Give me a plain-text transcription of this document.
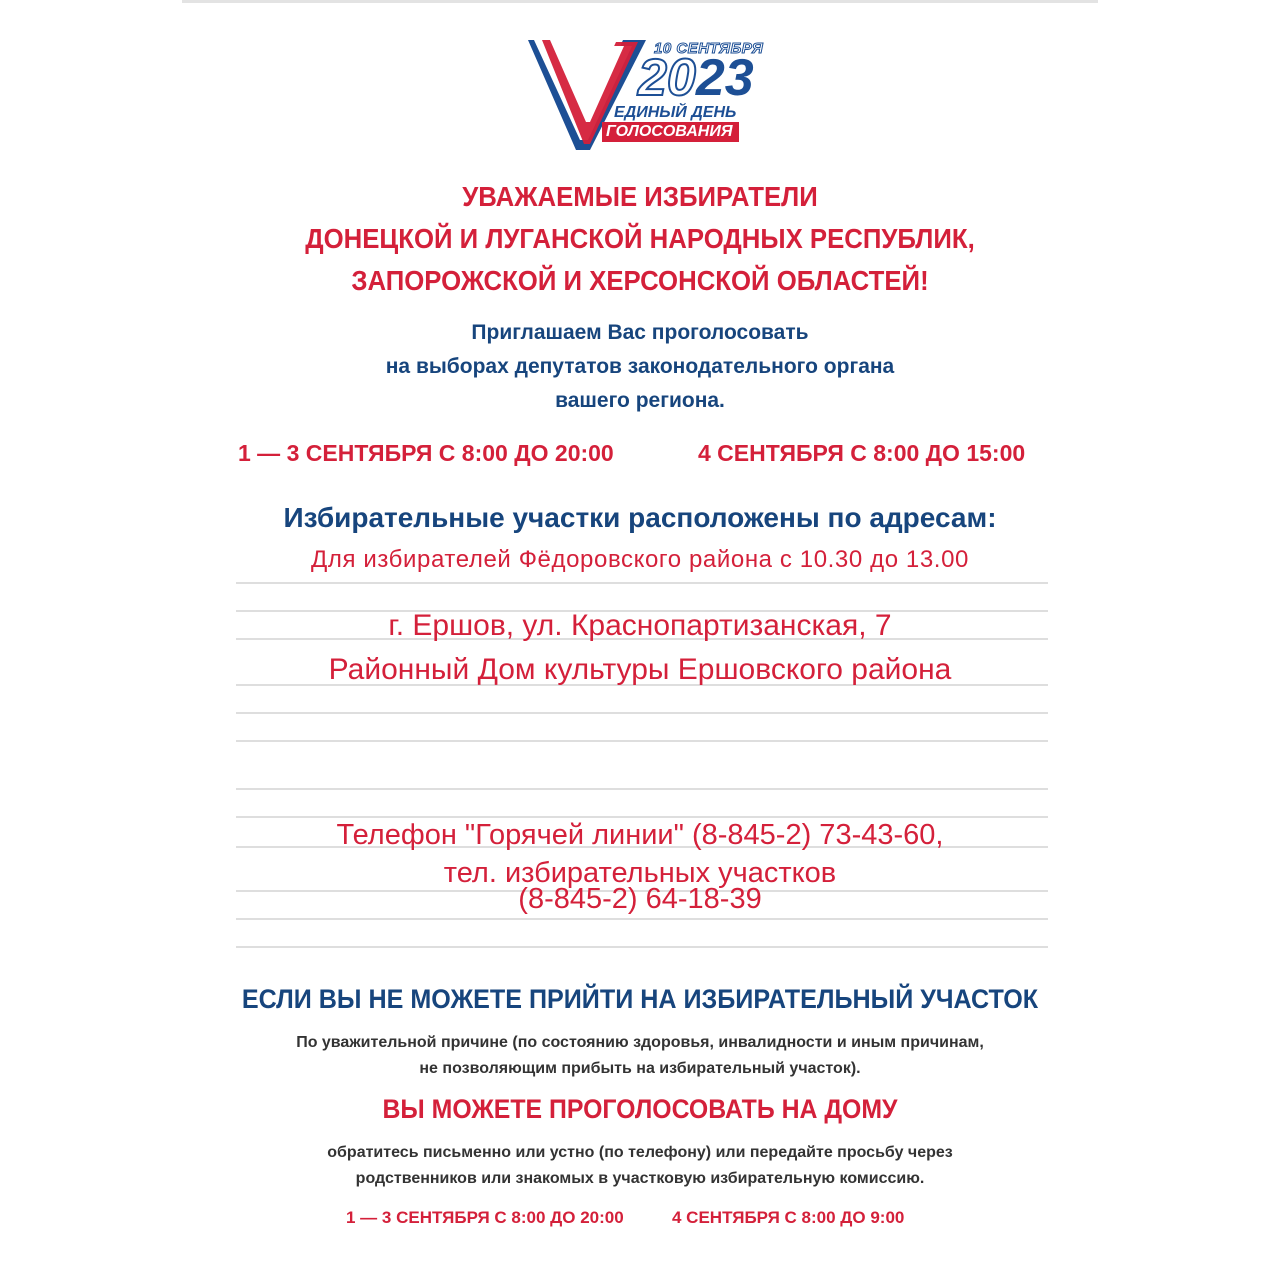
10 СЕНТЯБРЯ
2023
ЕДИНЫЙ ДЕНЬ
ГОЛОСОВАНИЯ
УВАЖАЕМЫЕ ИЗБИРАТЕЛИ
ДОНЕЦКОЙ И ЛУГАНСКОЙ НАРОДНЫХ РЕСПУБЛИК,
ЗАПОРОЖСКОЙ И ХЕРСОНСКОЙ ОБЛАСТЕЙ!
Приглашаем Вас проголосовать
на выборах депутатов законодательного органа
вашего региона.
1 — 3 СЕНТЯБРЯ С 8:00 ДО 20:00	4 СЕНТЯБРЯ С 8:00 ДО 15:00
Избирательные участки расположены по адресам:
Для избирателей Фёдоровского района с 10.30 до 13.00
г. Ершов, ул. Краснопартизанская, 7
Районный Дом культуры Ершовского района
Телефон "Горячей линии" (8-845-2) 73-43-60,
тел. избирательных участков
(8-845-2) 64-18-39
ЕСЛИ ВЫ НЕ МОЖЕТЕ ПРИЙТИ НА ИЗБИРАТЕЛЬНЫЙ УЧАСТОК
По уважительной причине (по состоянию здоровья, инвалидности и иным причинам,
не позволяющим прибыть на избирательный участок).
ВЫ МОЖЕТЕ ПРОГОЛОСОВАТЬ НА ДОМУ
обратитесь письменно или устно (по телефону) или передайте просьбу через
родственников или знакомых в участковую избирательную комиссию.
1 — 3 СЕНТЯБРЯ С 8:00 ДО 20:00	4 СЕНТЯБРЯ С 8:00 ДО 9:00
